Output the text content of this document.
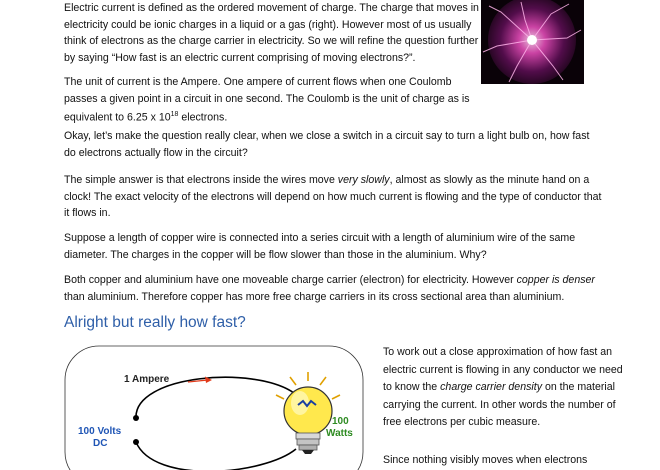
Electric current is defined as the ordered movement of charge. The charge that moves in electricity could be ionic charges in a liquid or a gas (right). However most of us usually think of electrons as the charge carrier in electricity. So we will refine the question further by saying “How fast is an electric current comprising of moving electrons?”.

The unit of current is the Ampere. One ampere of current flows when one Coulomb passes a given point in a circuit in one second. The Coulomb is the unit of charge as is equivalent to 6.25 x $10^{18}$ electrons.

Okay, let’s make the question really clear, when we close a switch in a circuit say to turn a light bulb on, how fast do electrons actually flow in the circuit?

The simple answer is that electrons inside the wires move very slowly, almost as slowly as the minute hand on a clock! The exact velocity of the electrons will depend on how much current is flowing and the type of conductor that it flows in.

Suppose a length of copper wire is connected into a series circuit with a length of aluminium wire of the same diameter. The charges in the copper will be flow slower than those in the aluminium. Why?

Both copper and aluminium have one moveable charge carrier (electron) for electricity. However copper is denser than aluminium. Therefore copper has more free charge carriers in its cross sectional area than aluminium.

Alright but really how fast?

To work out a close approximation of how fast an electric current is flowing in any conductor we need to know the charge carrier density on the material carrying the current. In other words the number of free electrons per cubic measure.

Since nothing visibly moves when electrons

1 Ampere
100 Volts
DC
100
Watts
